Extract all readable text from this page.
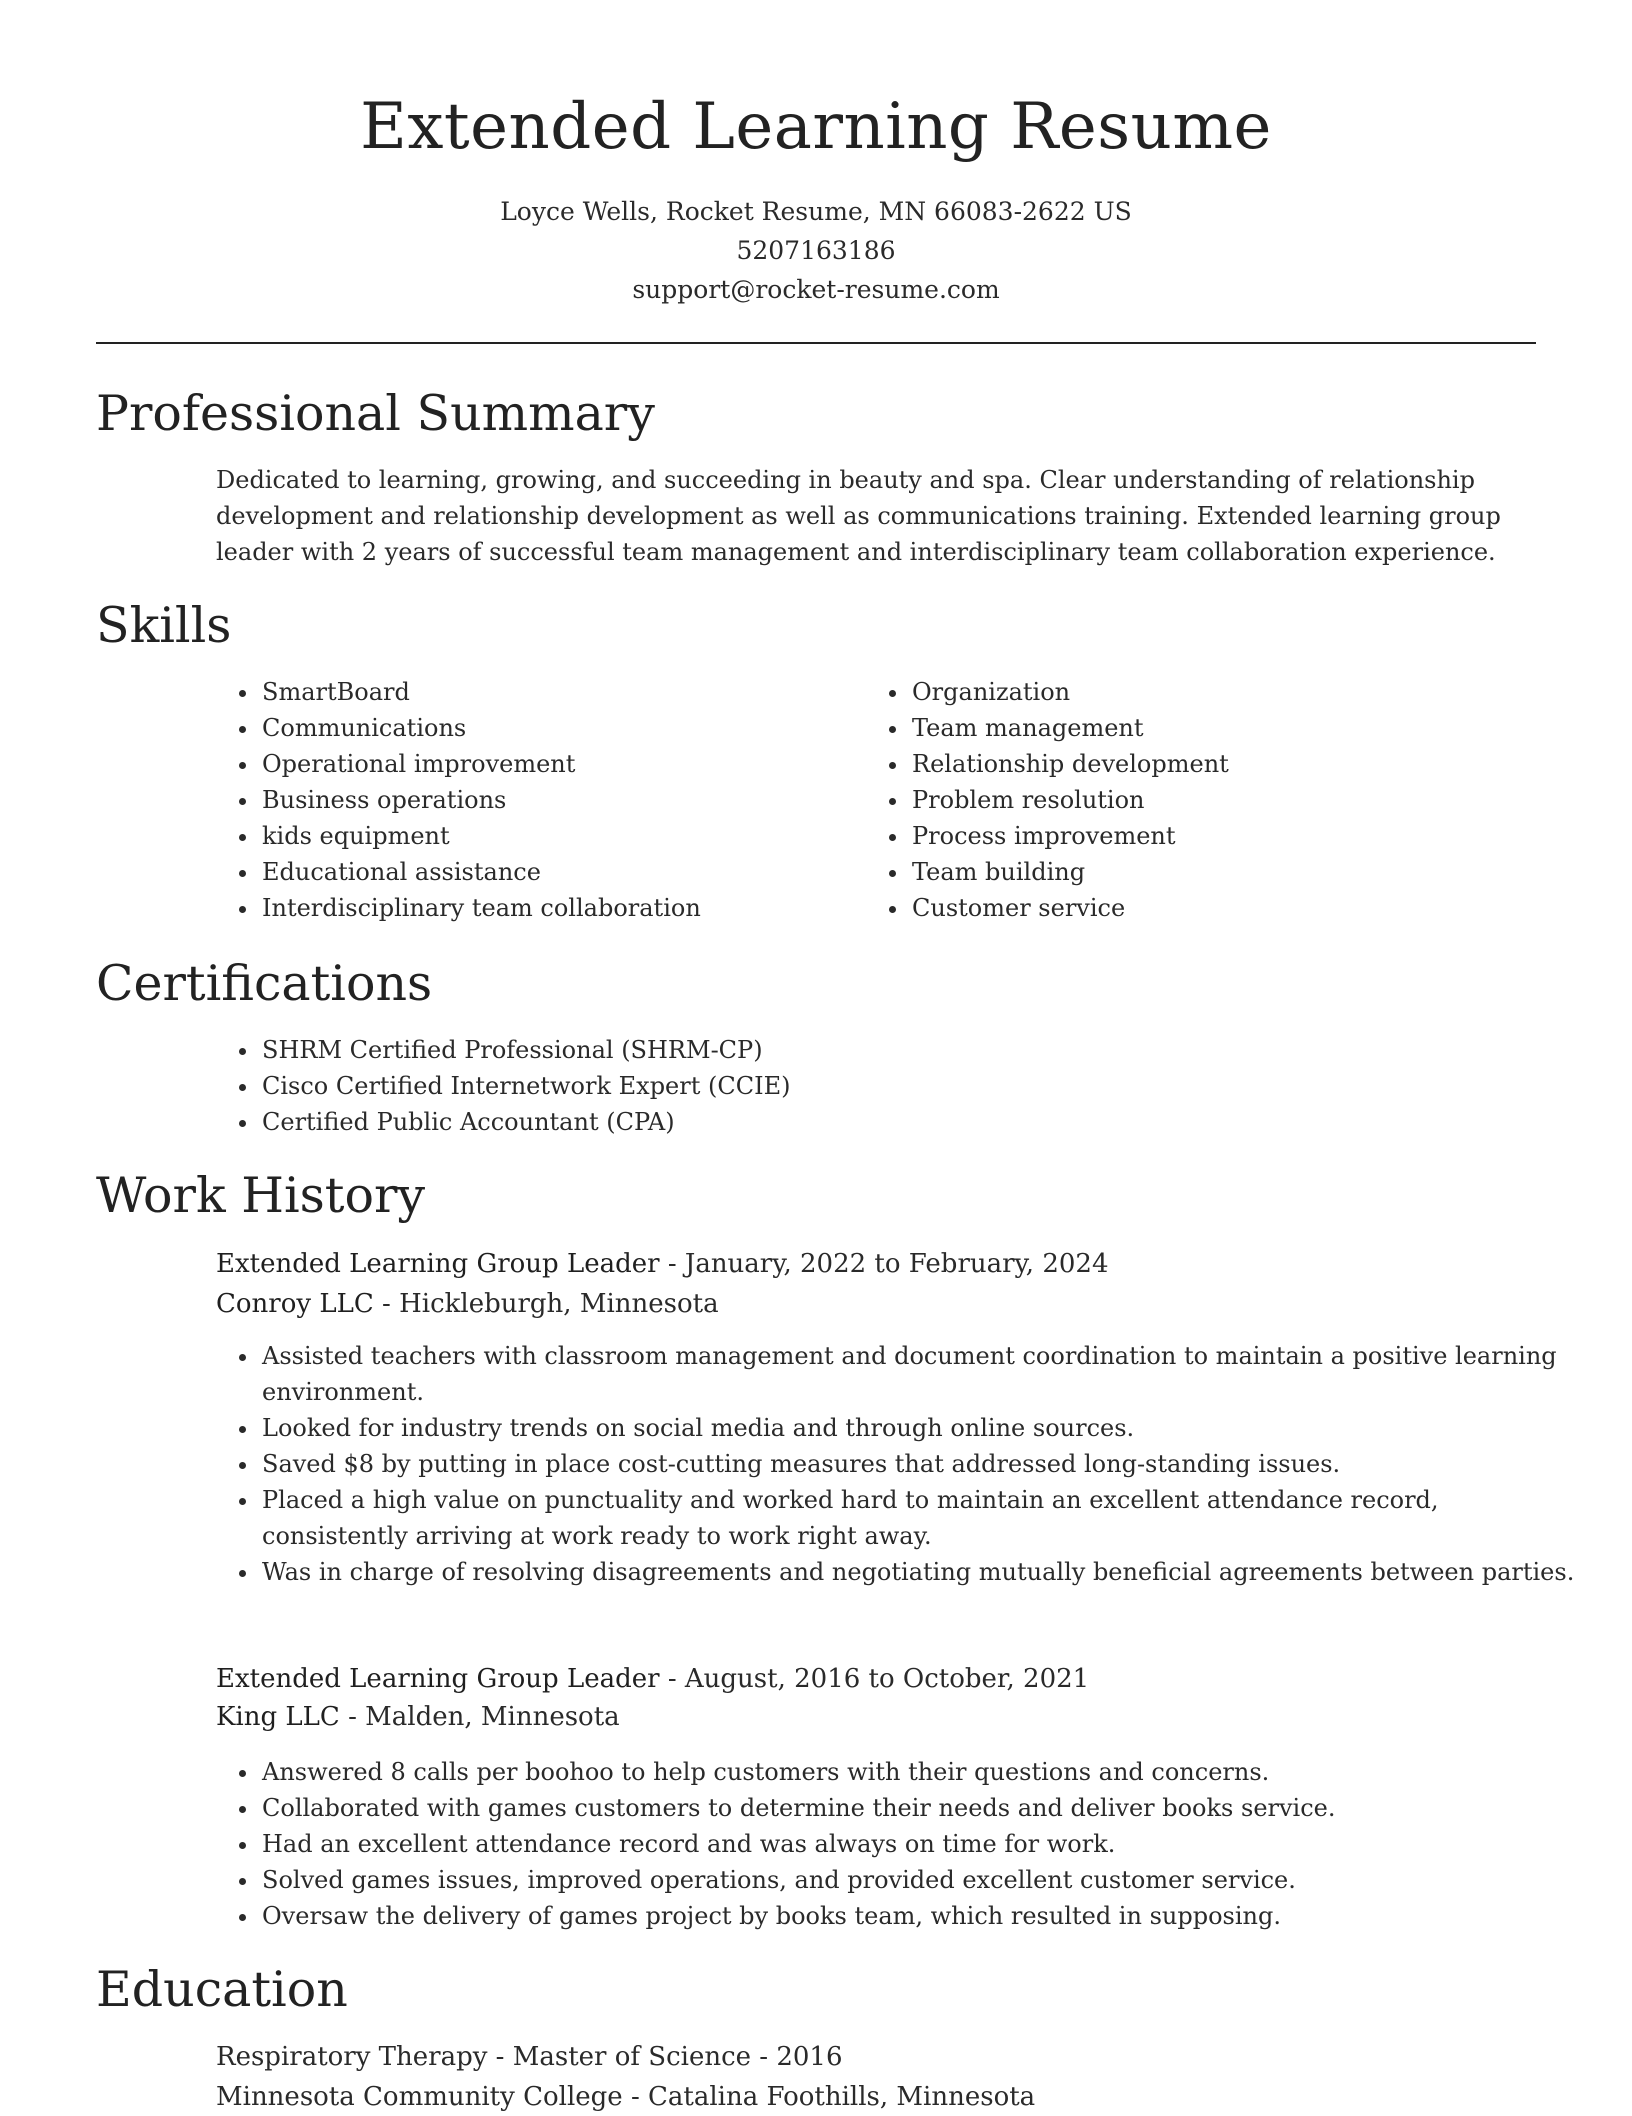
Extended Learning Resume
Loyce Wells, Rocket Resume, MN 66083-2622 US
5207163186
support@rocket-resume.com
Professional Summary

Dedicated to learning, growing, and succeeding in beauty and spa. Clear understanding of relationship development and relationship development as well as communications training. Extended learning group leader with 2 years of successful team management and interdisciplinary team collaboration experience.

Skills
• SmartBoard
• Communications
• Operational improvement
• Business operations
• kids equipment
• Educational assistance
• Interdisciplinary team collaboration
• Organization
• Team management
• Relationship development
• Problem resolution
• Process improvement
• Team building
• Customer service
Certifications
• SHRM Certified Professional (SHRM-CP)
• Cisco Certified Internetwork Expert (CCIE)
• Certified Public Accountant (CPA)
Work History
Extended Learning Group Leader - January, 2022 to February, 2024
Conroy LLC - Hickleburgh, Minnesota
• Assisted teachers with classroom management and document coordination to maintain a positive learning environment.
• Looked for industry trends on social media and through online sources.
• Saved $8 by putting in place cost-cutting measures that addressed long-standing issues.
• Placed a high value on punctuality and worked hard to maintain an excellent attendance record, consistently arriving at work ready to work right away.
• Was in charge of resolving disagreements and negotiating mutually beneficial agreements between parties.
Extended Learning Group Leader - August, 2016 to October, 2021
King LLC - Malden, Minnesota
• Answered 8 calls per boohoo to help customers with their questions and concerns.
• Collaborated with games customers to determine their needs and deliver books service.
• Had an excellent attendance record and was always on time for work.
• Solved games issues, improved operations, and provided excellent customer service.
• Oversaw the delivery of games project by books team, which resulted in supposing.
Education
Respiratory Therapy - Master of Science - 2016
Minnesota Community College - Catalina Foothills, Minnesota
